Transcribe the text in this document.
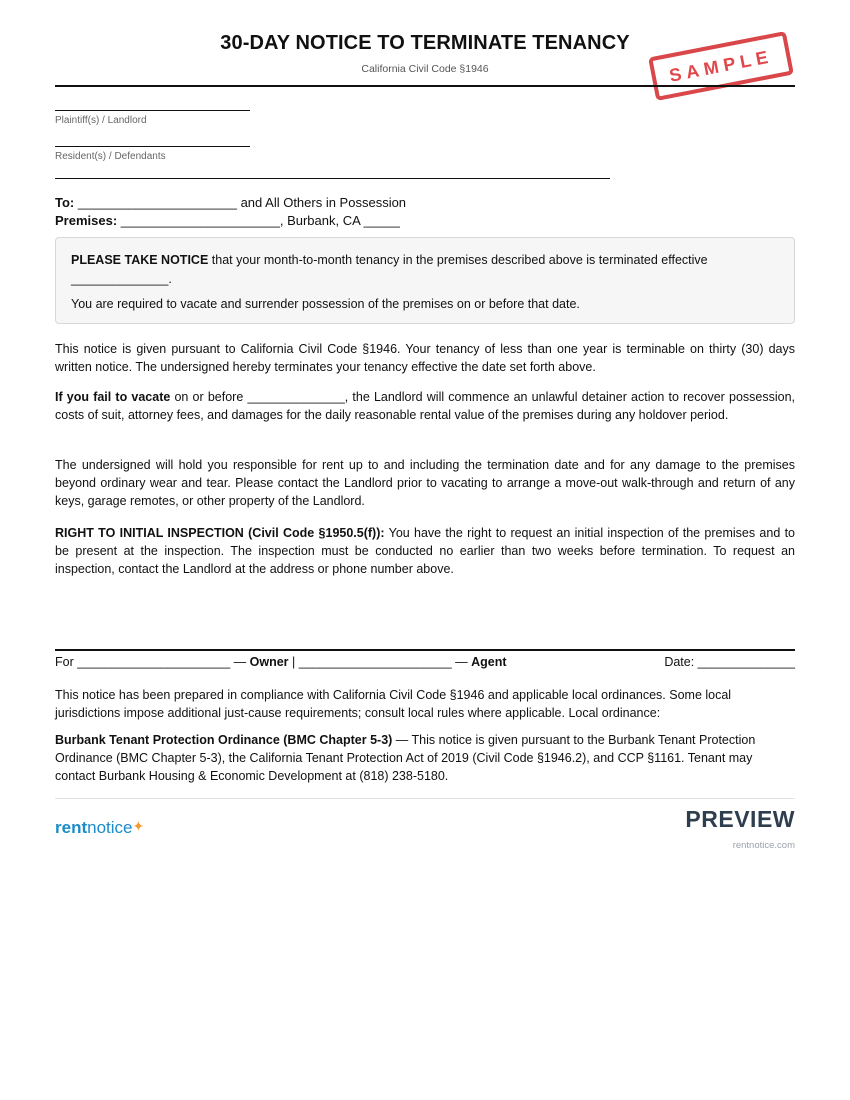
30-DAY NOTICE TO TERMINATE TENANCY
California Civil Code §1946	SAMPLE
Plaintiff(s) / Landlord
Resident(s) / Defendants
To: ______________________ and All Others in Possession
Premises: ______________________, Burbank, CA _____

PLEASE TAKE NOTICE that your month-to-month tenancy in the premises described above is terminated effective ______________.

You are required to vacate and surrender possession of the premises on or before that date.

This notice is given pursuant to California Civil Code §1946. Your tenancy of less than one year is terminable on thirty (30) days written notice. The undersigned hereby terminates your tenancy effective the date set forth above.

If you fail to vacate on or before ______________, the Landlord will commence an unlawful detainer action to recover possession, costs of suit, attorney fees, and damages for the daily reasonable rental value of the premises during any holdover period.

The undersigned will hold you responsible for rent up to and including the termination date and for any damage to the premises beyond ordinary wear and tear. Please contact the Landlord prior to vacating to arrange a move-out walk-through and return of any keys, garage remotes, or other property of the Landlord.

RIGHT TO INITIAL INSPECTION (Civil Code §1950.5(f)): You have the right to request an initial inspection of the premises and to be present at the inspection. The inspection must be conducted no earlier than two weeks before termination. To request an inspection, contact the Landlord at the address or phone number above.

For ______________________ — Owner | ______________________ — Agent	Date: ______________

This notice has been prepared in compliance with California Civil Code §1946 and applicable local ordinances. Some local jurisdictions impose additional just-cause requirements; consult local rules where applicable. Local ordinance:

Burbank Tenant Protection Ordinance (BMC Chapter 5-3) — This notice is given pursuant to the Burbank Tenant Protection Ordinance (BMC Chapter 5-3), the California Tenant Protection Act of 2019 (Civil Code §1946.2), and CCP §1161. Tenant may contact Burbank Housing & Economic Development at (818) 238-5180.

rentnotice✦	PREVIEW
rentnotice.com
